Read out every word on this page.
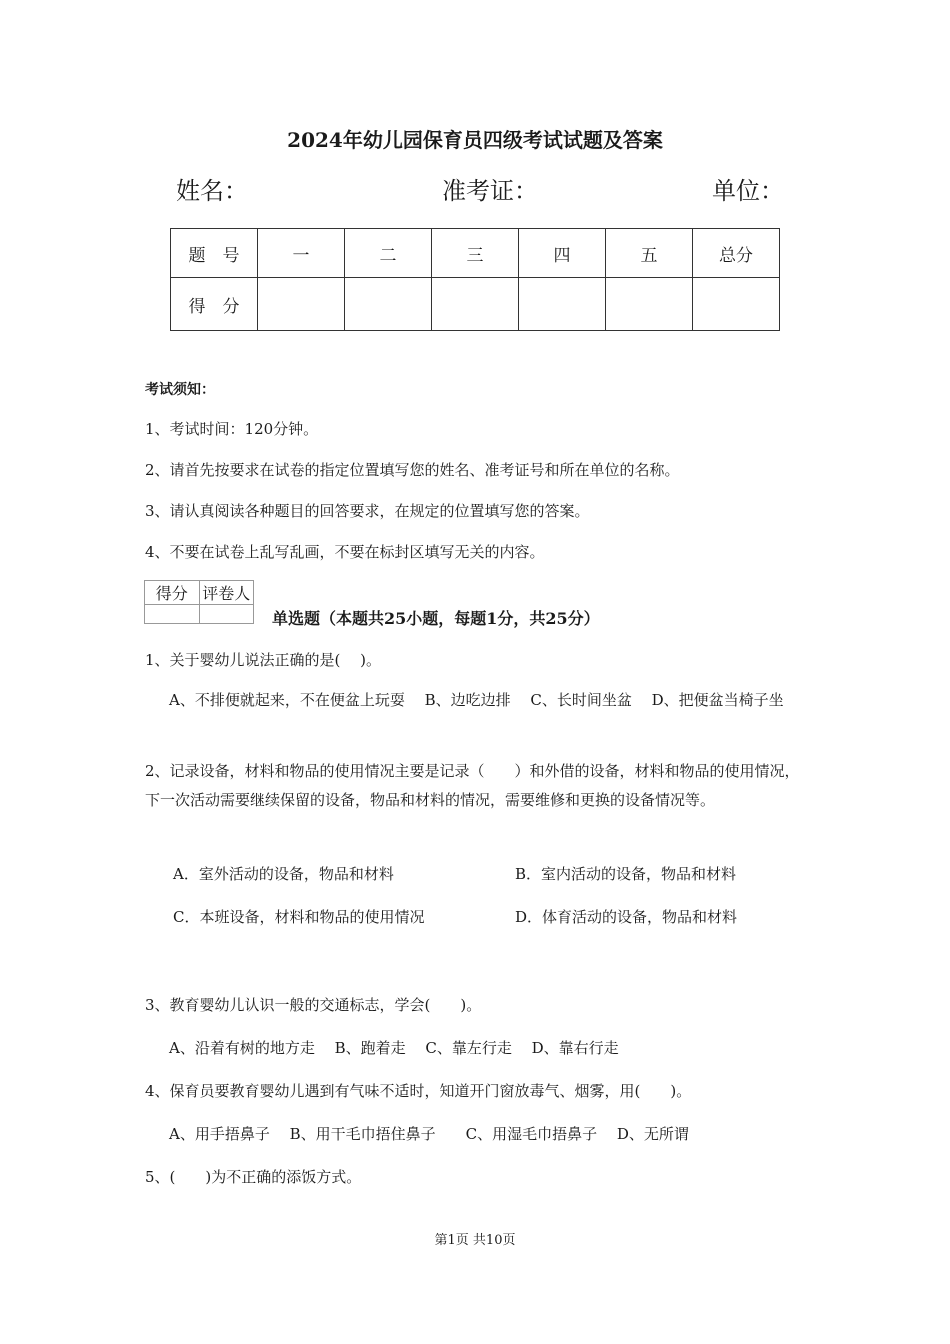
2024年幼儿园保育员四级考试试题及答案
姓名：	准考证：	单位：
题　号	一	二	三	四	五	总分
得　分						
考试须知：
1、考试时间：120分钟。
2、请首先按要求在试卷的指定位置填写您的姓名、准考证号和所在单位的名称。
3、请认真阅读各种题目的回答要求，在规定的位置填写您的答案。
4、不要在试卷上乱写乱画，不要在标封区填写无关的内容。
得分	评卷人

单选题（本题共25小题，每题1分，共25分）
1、关于婴幼儿说法正确的是(　 )。
A、不排便就起来，不在便盆上玩耍　 B、边吃边排　 C、长时间坐盆　 D、把便盆当椅子坐
2、记录设备，材料和物品的使用情况主要是记录（　　）和外借的设备，材料和物品的使用情况，下一次活动需要继续保留的设备，物品和材料的情况，需要维修和更换的设备情况等。
A．室外活动的设备，物品和材料	B．室内活动的设备，物品和材料
C．本班设备，材料和物品的使用情况	D．体育活动的设备，物品和材料
3、教育婴幼儿认识一般的交通标志，学会(　　)。
A、沿着有树的地方走　 B、跑着走　 C、靠左行走　 D、靠右行走
4、保育员要教育婴幼儿遇到有气味不适时，知道开门窗放毒气、烟雾，用(　　)。
A、用手捂鼻子　 B、用干毛巾捂住鼻子　　C、用湿毛巾捂鼻子　 D、无所谓
5、(　　)为不正确的添饭方式。
第1页 共10页
